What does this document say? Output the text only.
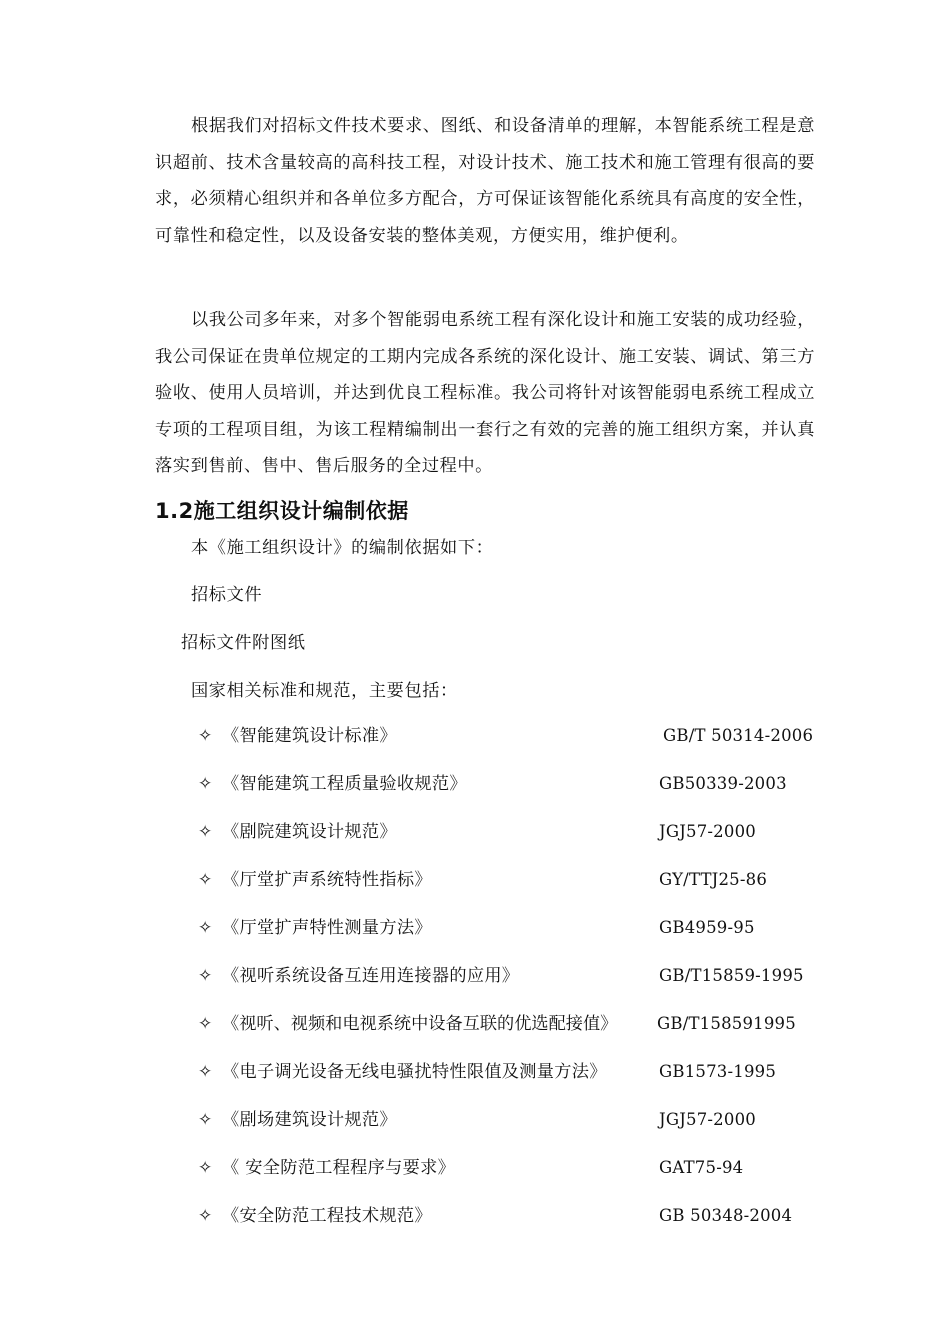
根据我们对招标文件技术要求、图纸、和设备清单的理解，本智能系统工程是意识超前、技术含量较高的高科技工程，对设计技术、施工技术和施工管理有很高的要求，必须精心组织并和各单位多方配合，方可保证该智能化系统具有高度的安全性，可靠性和稳定性，以及设备安装的整体美观，方便实用，维护便利。

以我公司多年来，对多个智能弱电系统工程有深化设计和施工安装的成功经验，我公司保证在贵单位规定的工期内完成各系统的深化设计、施工安装、调试、第三方验收、使用人员培训，并达到优良工程标准。我公司将针对该智能弱电系统工程成立专项的工程项目组，为该工程精编制出一套行之有效的完善的施工组织方案，并认真落实到售前、售中、售后服务的全过程中。

1.2施工组织设计编制依据

本《施工组织设计》的编制依据如下：

招标文件

招标文件附图纸

国家相关标准和规范，主要包括：

✧ 《智能建筑设计标准》	GB/T 50314-2006
✧ 《智能建筑工程质量验收规范》	GB50339-2003
✧ 《剧院建筑设计规范》	JGJ57-2000
✧ 《厅堂扩声系统特性指标》	GY/TTJ25-86
✧ 《厅堂扩声特性测量方法》	GB4959-95
✧ 《视听系统设备互连用连接器的应用》	GB/T15859-1995
✧ 《视听、视频和电视系统中设备互联的优选配接值》 GB/T158591995
✧ 《电子调光设备无线电骚扰特性限值及测量方法》	GB1573-1995
✧ 《剧场建筑设计规范》	JGJ57-2000
✧ 《 安全防范工程程序与要求》	GAT75-94
✧ 《安全防范工程技术规范》	GB 50348-2004
